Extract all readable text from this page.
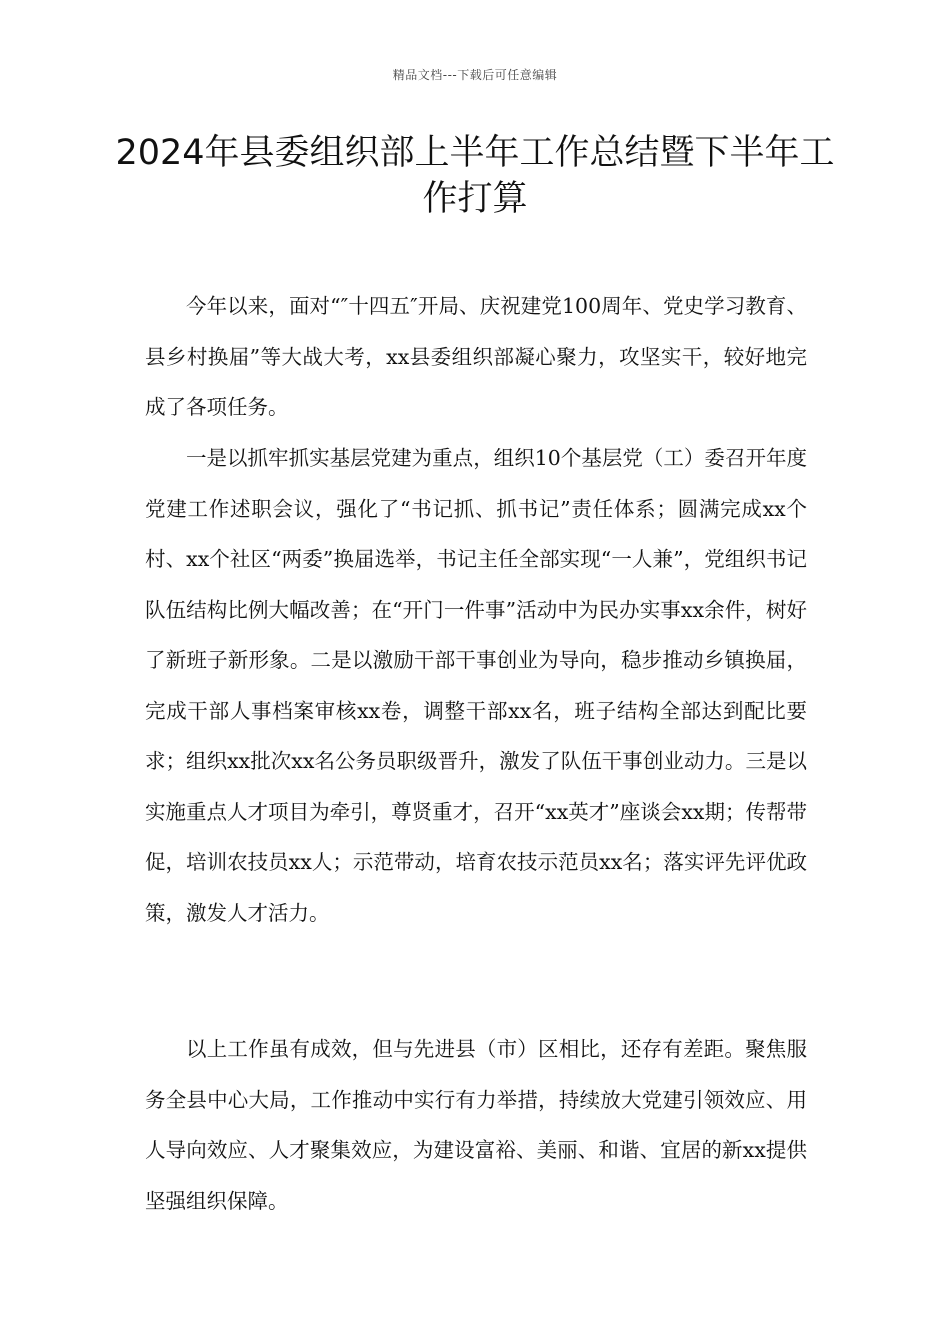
精品文档---下载后可任意编辑
2024年县委组织部上半年工作总结暨下半年工作打算

今年以来，面对“″十四五″开局、庆祝建党100周年、党史学习教育、县乡村换届”等大战大考，xx县委组织部凝心聚力，攻坚实干，较好地完成了各项任务。

一是以抓牢抓实基层党建为重点，组织10个基层党（工）委召开年度党建工作述职会议，强化了“书记抓、抓书记”责任体系；圆满完成xx个村、xx个社区“两委”换届选举，书记主任全部实现“一人兼”，党组织书记队伍结构比例大幅改善；在“开门一件事”活动中为民办实事xx余件，树好了新班子新形象。二是以激励干部干事创业为导向，稳步推动乡镇换届，完成干部人事档案审核xx卷，调整干部xx名，班子结构全部达到配比要求；组织xx批次xx名公务员职级晋升，激发了队伍干事创业动力。三是以实施重点人才项目为牵引，尊贤重才，召开“xx英才”座谈会xx期；传帮带促，培训农技员xx人；示范带动，培育农技示范员xx名；落实评先评优政策，激发人才活力。

以上工作虽有成效，但与先进县（市）区相比，还存有差距。聚焦服务全县中心大局，工作推动中实行有力举措，持续放大党建引领效应、用人导向效应、人才聚集效应，为建设富裕、美丽、和谐、宜居的新xx提供坚强组织保障。
